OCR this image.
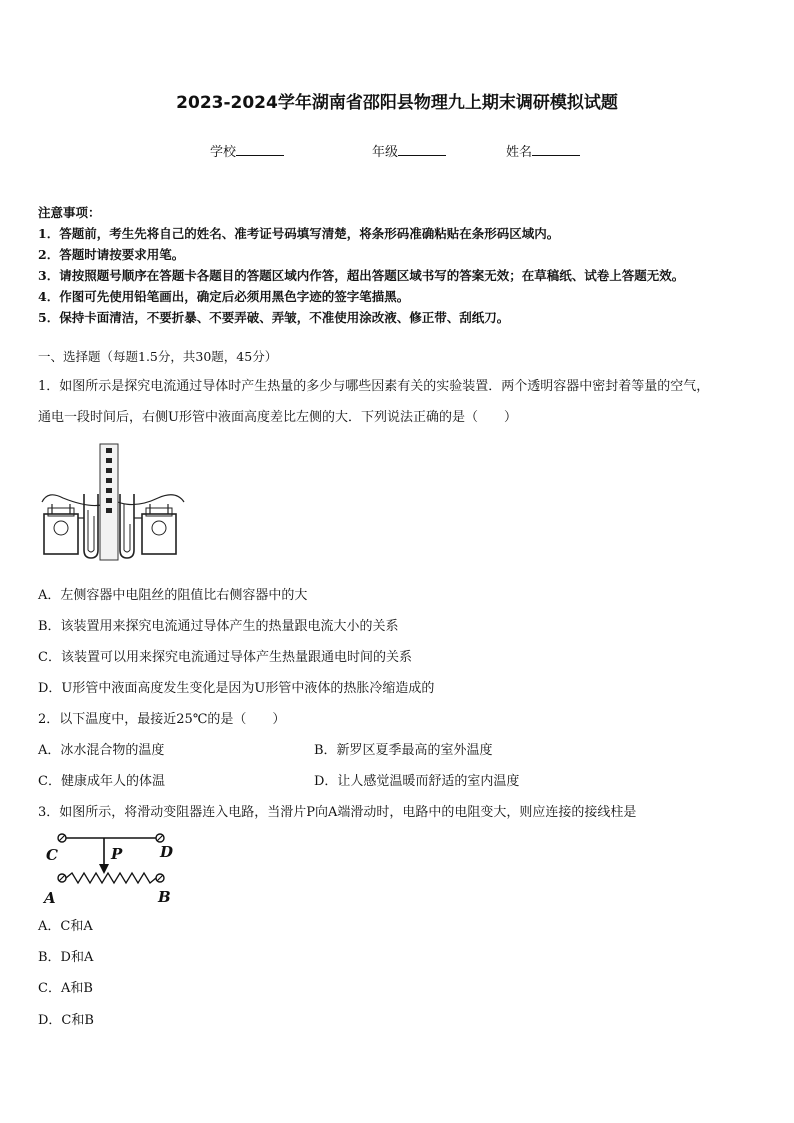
2023-2024学年湖南省邵阳县物理九上期末调研模拟试题
学校	年级	姓名
注意事项：
1．答题前，考生先将自己的姓名、准考证号码填写清楚，将条形码准确粘贴在条形码区域内。
2．答题时请按要求用笔。
3．请按照题号顺序在答题卡各题目的答题区域内作答，超出答题区域书写的答案无效；在草稿纸、试卷上答题无效。
4．作图可先使用铅笔画出，确定后必须用黑色字迹的签字笔描黑。
5．保持卡面清洁，不要折暴、不要弄破、弄皱，不准使用涂改液、修正带、刮纸刀。
一、选择题（每题1.5分，共30题，45分）
1．如图所示是探究电流通过导体时产生热量的多少与哪些因素有关的实验装置．两个透明容器中密封着等量的空气，
通电一段时间后，右侧U形管中液面高度差比左侧的大．下列说法正确的是（　　）
A．左侧容器中电阻丝的阻值比右侧容器中的大
B．该装置用来探究电流通过导体产生的热量跟电流大小的关系
C．该装置可以用来探究电流通过导体产生热量跟通电时间的关系
D．U形管中液面高度发生变化是因为U形管中液体的热胀冷缩造成的
2．以下温度中，最接近25℃的是（　　）
A．冰水混合物的温度	B．新罗区夏季最高的室外温度
C．健康成年人的体温	D．让人感觉温暖而舒适的室内温度
3．如图所示，将滑动变阻器连入电路，当滑片P向A端滑动时，电路中的电阻变大，则应连接的接线柱是
C	D
P
A	B
A．C和A
B．D和A
C．A和B
D．C和B
